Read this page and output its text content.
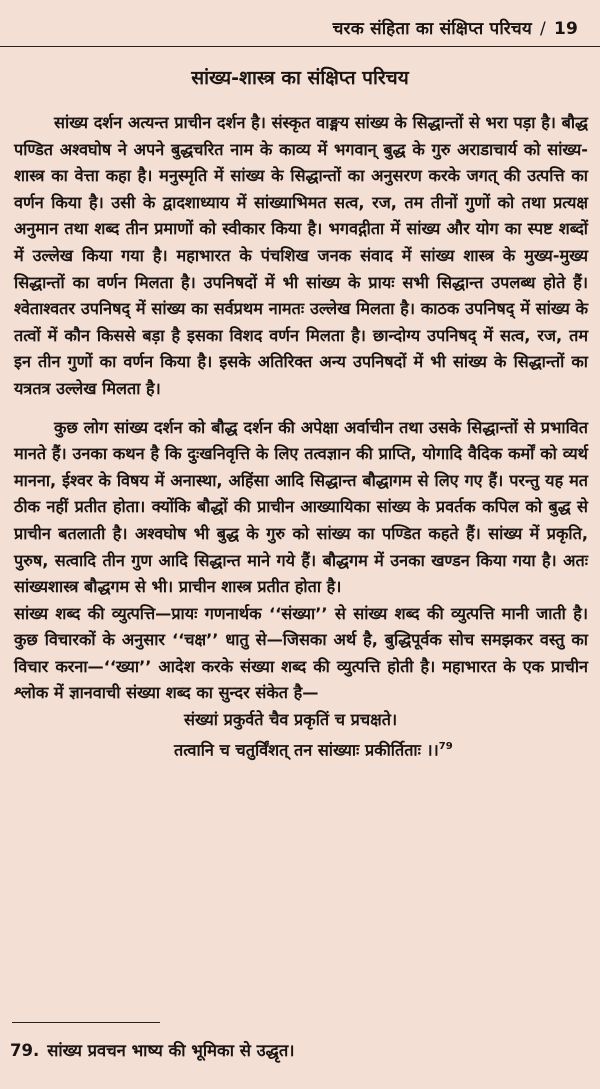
चरक संहिता का संक्षिप्त परिचय / 19
सांख्य-शास्त्र का संक्षिप्त परिचय

सांख्य दर्शन अत्यन्त प्राचीन दर्शन है। संस्कृत वाङ्मय सांख्य के सिद्धान्तों से भरा पड़ा है। बौद्ध पण्डित अश्वघोष ने अपने बुद्धचरित नाम के काव्य में भगवान् बुद्ध के गुरु अराडाचार्य को सांख्य-शास्त्र का वेत्ता कहा है। मनुस्मृति में सांख्य के सिद्धान्तों का अनुसरण करके जगत् की उत्पत्ति का वर्णन किया है। उसी के द्वादशाध्याय में सांख्याभिमत सत्व, रज, तम तीनों गुणों को तथा प्रत्यक्ष अनुमान तथा शब्द तीन प्रमाणों को स्वीकार किया है। भगवद्गीता में सांख्य और योग का स्पष्ट शब्दों में उल्लेख किया गया है। महाभारत के पंचशिख जनक संवाद में सांख्य शास्त्र के मुख्य-मुख्य सिद्धान्तों का वर्णन मिलता है। उपनिषदों में भी सांख्य के प्रायः सभी सिद्धान्त उपलब्ध होते हैं। श्वेताश्वतर उपनिषद् में सांख्य का सर्वप्रथम नामतः उल्लेख मिलता है। काठक उपनिषद् में सांख्य के तत्वों में कौन किससे बड़ा है इसका विशद वर्णन मिलता है। छान्दोग्य उपनिषद् में सत्व, रज, तम इन तीन गुणों का वर्णन किया है। इसके अतिरिक्त अन्य उपनिषदों में भी सांख्य के सिद्धान्तों का यत्रतत्र उल्लेख मिलता है।

कुछ लोग सांख्य दर्शन को बौद्ध दर्शन की अपेक्षा अर्वाचीन तथा उसके सिद्धान्तों से प्रभावित मानते हैं। उनका कथन है कि दुःखनिवृत्ति के लिए तत्वज्ञान की प्राप्ति, योगादि वैदिक कर्मों को व्यर्थ मानना, ईश्वर के विषय में अनास्था, अहिंसा आदि सिद्धान्त बौद्धागम से लिए गए हैं। परन्तु यह मत ठीक नहीं प्रतीत होता। क्योंकि बौद्धों की प्राचीन आख्यायिका सांख्य के प्रवर्तक कपिल को बुद्ध से प्राचीन बतलाती है। अश्वघोष भी बुद्ध के गुरु को सांख्य का पण्डित कहते हैं। सांख्य में प्रकृति, पुरुष, सत्वादि तीन गुण आदि सिद्धान्त माने गये हैं। बौद्धगम में उनका खण्डन किया गया है। अतः सांख्यशास्त्र बौद्धगम से भी। प्राचीन शास्त्र प्रतीत होता है।

सांख्य शब्द की व्युत्पत्ति—प्रायः गणनार्थक ‘‘संख्या’’ से सांख्य शब्द की व्युत्पत्ति मानी जाती है। कुछ विचारकों के अनुसार ‘‘चक्ष’’ धातु से—जिसका अर्थ है, बुद्धिपूर्वक सोच समझकर वस्तु का विचार करना—‘‘ख्या’’ आदेश करके संख्या शब्द की व्युत्पत्ति होती है। महाभारत के एक प्राचीन श्लोक में ज्ञानवाची संख्या शब्द का सुन्दर संकेत है—

संख्यां प्रकुर्वते चैव प्रकृतिं च प्रचक्षते।
तत्वानि च चतुर्विंशत् तन सांख्याः प्रकीर्तिताः ।।$^{79}$
79. सांख्य प्रवचन भाष्य की भूमिका से उद्धृत।
